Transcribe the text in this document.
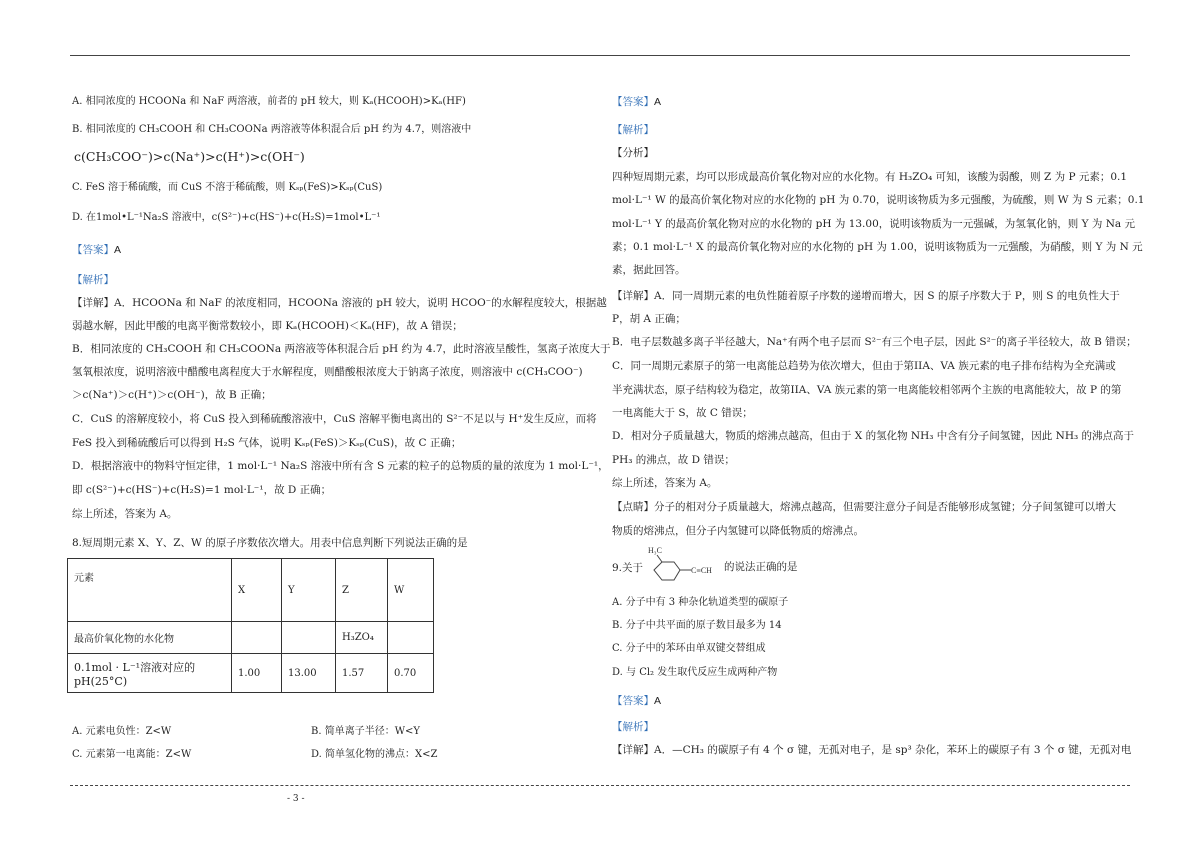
A. 相同浓度的 HCOONa 和 NaF 两溶液，前者的 pH 较大，则 Kₐ(HCOOH)>Kₐ(HF)
B. 相同浓度的 CH₃COOH 和 CH₃COONa 两溶液等体积混合后 pH 约为 4.7，则溶液中
c(CH₃COO⁻)>c(Na⁺)>c(H⁺)>c(OH⁻)
C. FeS 溶于稀硫酸，而 CuS 不溶于稀硫酸，则 Kₛₚ(FeS)>Kₛₚ(CuS)
D. 在1mol•L⁻¹Na₂S 溶液中，c(S²⁻)+c(HS⁻)+c(H₂S)=1mol•L⁻¹
【答案】A
【解析】
【详解】A．HCOONa 和 NaF 的浓度相同，HCOONa 溶液的 pH 较大，说明 HCOO⁻的水解程度较大，根据越
弱越水解，因此甲酸的电离平衡常数较小，即 Kₐ(HCOOH)＜Kₐ(HF)，故 A 错误；
B．相同浓度的 CH₃COOH 和 CH₃COONa 两溶液等体积混合后 pH 约为 4.7，此时溶液呈酸性，氢离子浓度大于
氢氧根浓度，说明溶液中醋酸电离程度大于水解程度，则醋酸根浓度大于钠离子浓度，则溶液中 c(CH₃COO⁻)
＞c(Na⁺)＞c(H⁺)＞c(OH⁻)，故 B 正确；
C．CuS 的溶解度较小，将 CuS 投入到稀硫酸溶液中，CuS 溶解平衡电离出的 S²⁻不足以与 H⁺发生反应，而将
FeS 投入到稀硫酸后可以得到 H₂S 气体，说明 Kₛₚ(FeS)＞Kₛₚ(CuS)，故 C 正确；
D．根据溶液中的物料守恒定律，1 mol·L⁻¹ Na₂S 溶液中所有含 S 元素的粒子的总物质的量的浓度为 1 mol·L⁻¹，
即 c(S²⁻)+c(HS⁻)+c(H₂S)=1 mol·L⁻¹，故 D 正确；
综上所述，答案为 A。
8.短周期元素 X、Y、Z、W 的原子序数依次增大。用表中信息判断下列说法正确的是
元素	X	Y	Z	W
最高价氧化物的水化物			H₃ZO₄	
0.1mol · L⁻¹溶液对应的 pH(25°C)	1.00	13.00	1.57	0.70
A. 元素电负性：Z<W	B. 简单离子半径：W<Y
C. 元素第一电离能：Z<W	D. 简单氢化物的沸点：X<Z
【答案】A
【解析】
【分析】
四种短周期元素，均可以形成最高价氧化物对应的水化物。有 H₃ZO₄ 可知，该酸为弱酸，则 Z 为 P 元素；0.1
mol·L⁻¹ W 的最高价氧化物对应的水化物的 pH 为 0.70，说明该物质为多元强酸，为硫酸，则 W 为 S 元素；0.1
mol·L⁻¹ Y 的最高价氧化物对应的水化物的 pH 为 13.00，说明该物质为一元强碱，为氢氧化钠，则 Y 为 Na 元
素；0.1 mol·L⁻¹ X 的最高价氧化物对应的水化物的 pH 为 1.00，说明该物质为一元强酸，为硝酸，则 Y 为 N 元
素，据此回答。
【详解】A．同一周期元素的电负性随着原子序数的递增而增大，因 S 的原子序数大于 P，则 S 的电负性大于
P，胡 A 正确；
B．电子层数越多离子半径越大，Na⁺有两个电子层而 S²⁻有三个电子层，因此 S²⁻的离子半径较大，故 B 错误；
C．同一周期元素原子的第一电离能总趋势为依次增大，但由于第IIA、VA 族元素的电子排布结构为全充满或
半充满状态，原子结构较为稳定，故第IIA、VA 族元素的第一电离能较相邻两个主族的电离能较大，故 P 的第
一电离能大于 S，故 C 错误；
D．相对分子质量越大，物质的熔沸点越高，但由于 X 的氢化物 NH₃ 中含有分子间氢键，因此 NH₃ 的沸点高于
PH₃ 的沸点，故 D 错误；
综上所述，答案为 A。
【点睛】分子的相对分子质量越大，熔沸点越高，但需要注意分子间是否能够形成氢键；分子间氢键可以增大
物质的熔沸点，但分子内氢键可以降低物质的熔沸点。
9.关于
H₃C
C≡CH 的说法正确的是
A. 分子中有 3 种杂化轨道类型的碳原子
B. 分子中共平面的原子数目最多为 14
C. 分子中的苯环由单双键交替组成
D. 与 Cl₂ 发生取代反应生成两种产物
【答案】A
【解析】
【详解】A．—CH₃ 的碳原子有 4 个 σ 键，无孤对电子，是 sp³ 杂化，苯环上的碳原子有 3 个 σ 键，无孤对电
- 3 -
